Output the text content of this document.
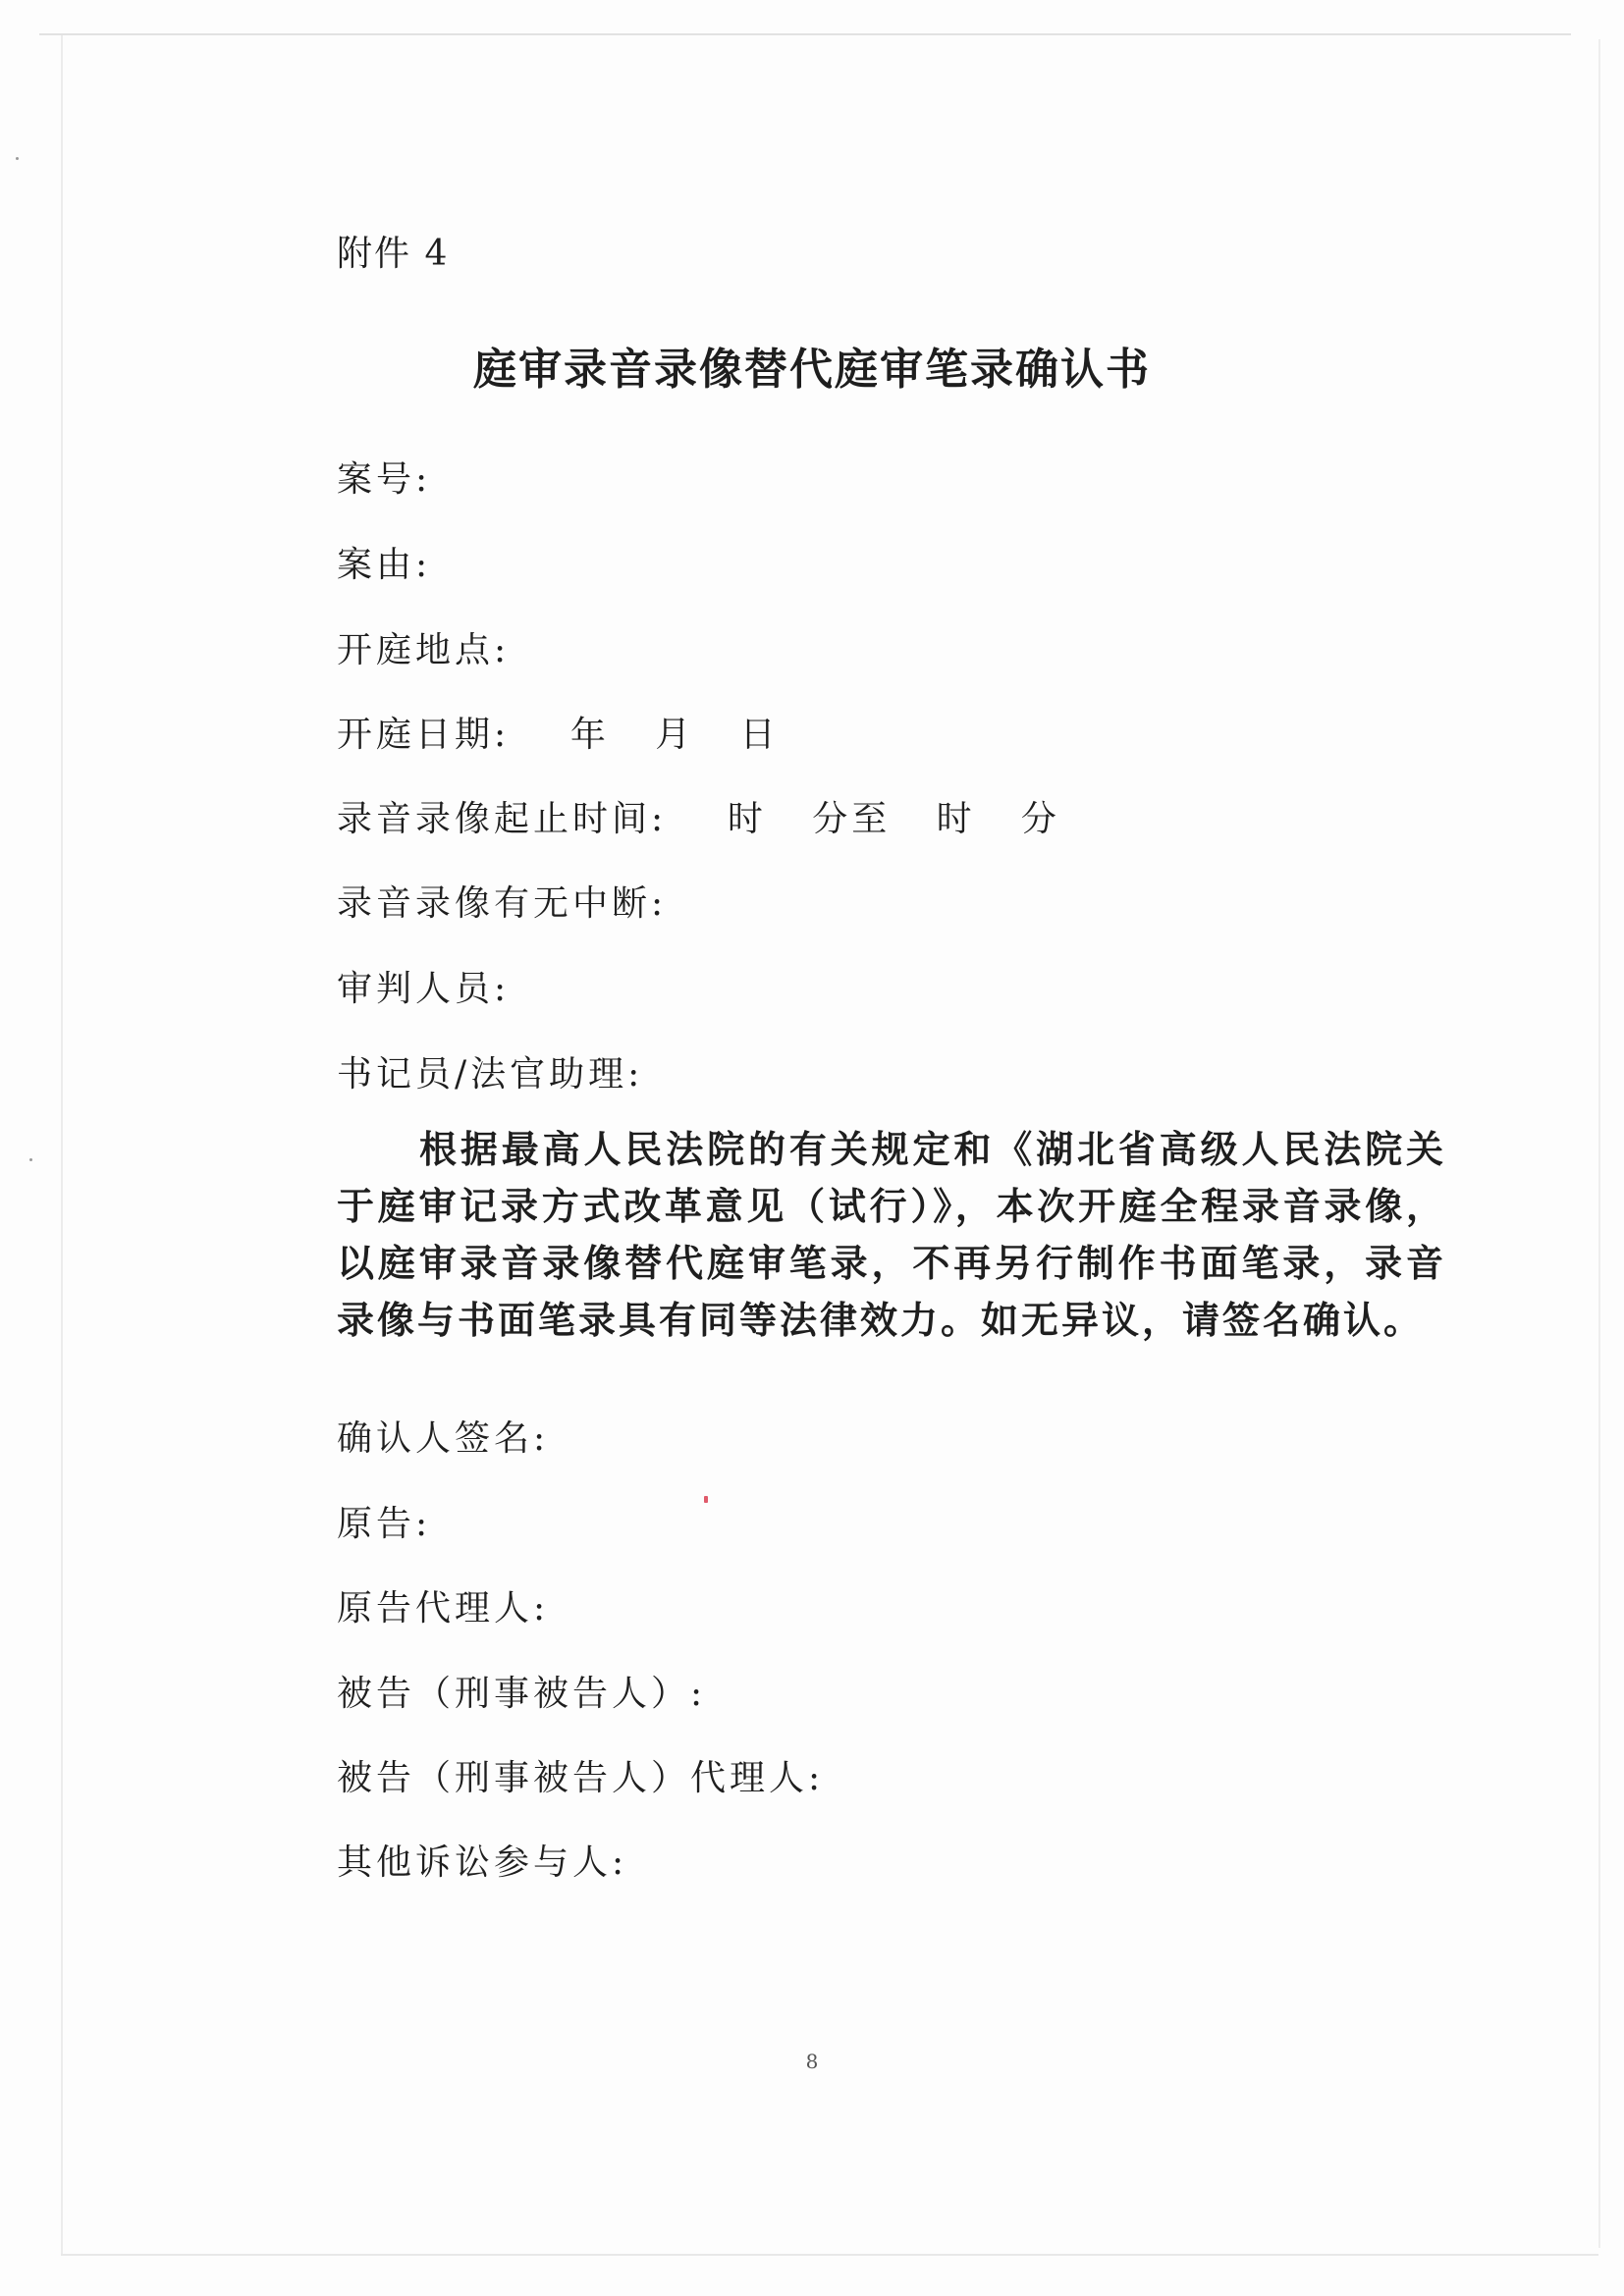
附件 4
庭审录音录像替代庭审笔录确认书
案号:
案由:
开庭地点:
开庭日期:    年   月   日
录音录像起止时间:    时   分至   时   分
录音录像有无中断:
审判人员:
书记员/法官助理:
根据最高人民法院的有关规定和《湖北省高级人民法院关于庭审记录方式改革意见（试行）》，本次开庭全程录音录像，以庭审录音录像替代庭审笔录，不再另行制作书面笔录，录音录像与书面笔录具有同等法律效力。如无异议，请签名确认。
确认人签名:
原告:
原告代理人:
被告（刑事被告人）:
被告（刑事被告人）代理人:
其他诉讼参与人:
8
